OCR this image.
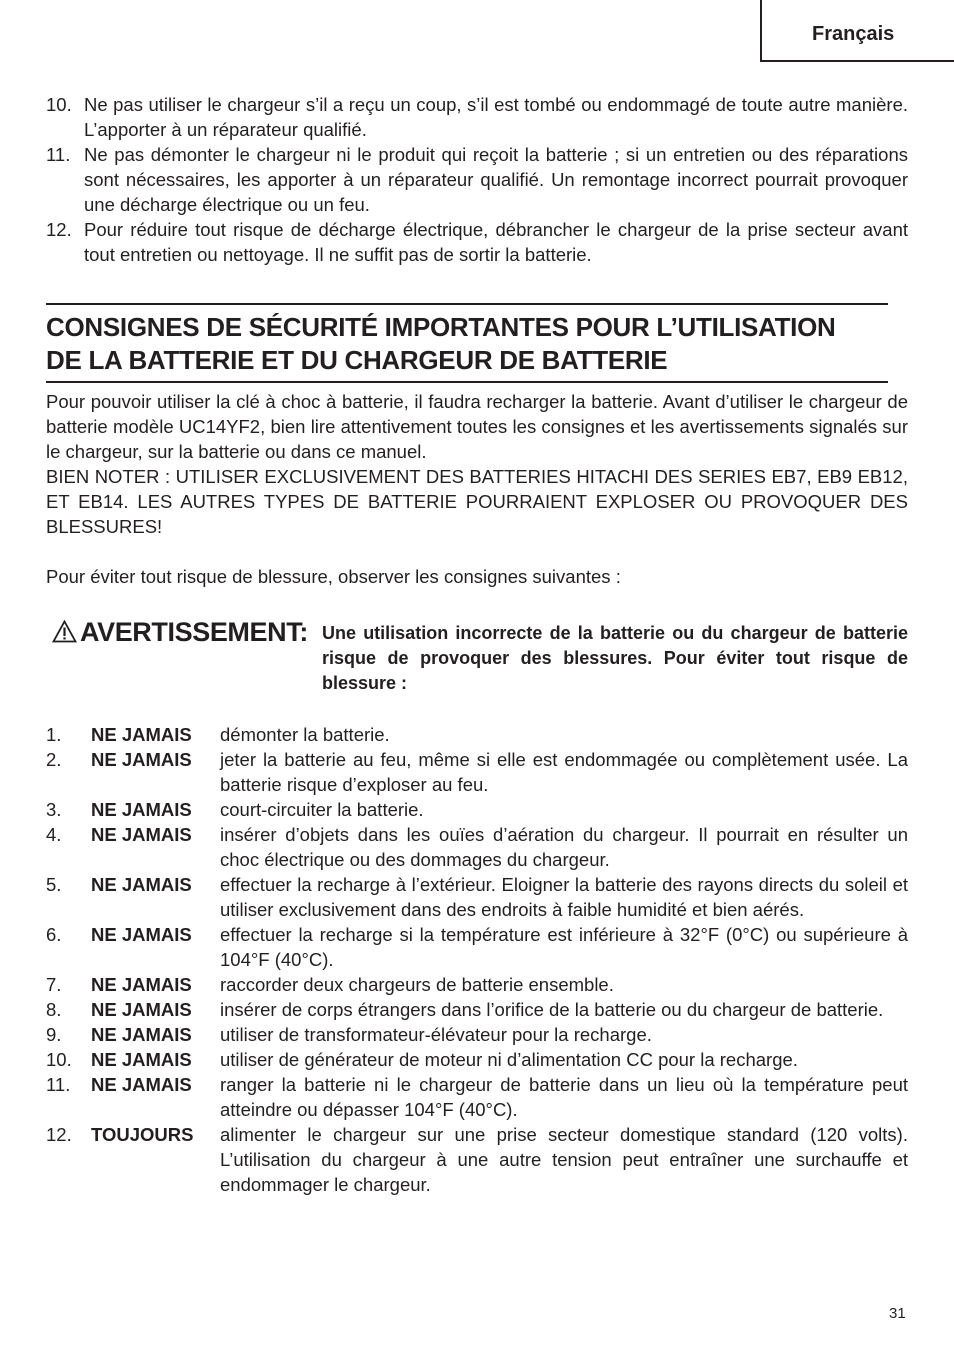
Français
10. Ne pas utiliser le chargeur s’il a reçu un coup, s’il est tombé ou endommagé de toute autre manière. L’apporter à un réparateur qualifié.
11. Ne pas démonter le chargeur ni le produit qui reçoit la batterie ; si un entretien ou des réparations sont nécessaires, les apporter à un réparateur qualifié. Un remontage incorrect pourrait provoquer une décharge électrique ou un feu.
12. Pour réduire tout risque de décharge électrique, débrancher le chargeur de la prise secteur avant tout entretien ou nettoyage. Il ne suffit pas de sortir la batterie.
CONSIGNES DE SÉCURITÉ IMPORTANTES POUR L’UTILISATION
DE LA BATTERIE ET DU CHARGEUR DE BATTERIE

Pour pouvoir utiliser la clé à choc à batterie, il faudra recharger la batterie. Avant d’utiliser le chargeur de batterie modèle UC14YF2, bien lire attentivement toutes les consignes et les avertissements signalés sur le chargeur, sur la batterie ou dans ce manuel.

BIEN NOTER : UTILISER EXCLUSIVEMENT DES BATTERIES HITACHI DES SERIES EB7, EB9 EB12, ET EB14. LES AUTRES TYPES DE BATTERIE POURRAIENT EXPLOSER OU PROVOQUER DES BLESSURES!

Pour éviter tout risque de blessure, observer les consignes suivantes :

AVERTISSEMENT: Une utilisation incorrecte de la batterie ou du chargeur de batterie risque de provoquer des blessures. Pour éviter tout risque de blessure :
1. NE JAMAIS démonter la batterie.
2. NE JAMAIS jeter la batterie au feu, même si elle est endommagée ou complètement usée. La batterie risque d’exploser au feu.
3. NE JAMAIS court-circuiter la batterie.
4. NE JAMAIS insérer d’objets dans les ouïes d’aération du chargeur. Il pourrait en résulter un choc électrique ou des dommages du chargeur.
5. NE JAMAIS effectuer la recharge à l’extérieur. Eloigner la batterie des rayons directs du soleil et utiliser exclusivement dans des endroits à faible humidité et bien aérés.
6. NE JAMAIS effectuer la recharge si la température est inférieure à 32°F (0°C) ou supérieure à 104°F (40°C).
7. NE JAMAIS raccorder deux chargeurs de batterie ensemble.
8. NE JAMAIS insérer de corps étrangers dans l’orifice de la batterie ou du chargeur de batterie.
9. NE JAMAIS utiliser de transformateur-élévateur pour la recharge.
10. NE JAMAIS utiliser de générateur de moteur ni d’alimentation CC pour la recharge.
11. NE JAMAIS ranger la batterie ni le chargeur de batterie dans un lieu où la température peut atteindre ou dépasser 104°F (40°C).
12. TOUJOURS alimenter le chargeur sur une prise secteur domestique standard (120 volts). L’utilisation du chargeur à une autre tension peut entraîner une surchauffe et endommager le chargeur.
31
